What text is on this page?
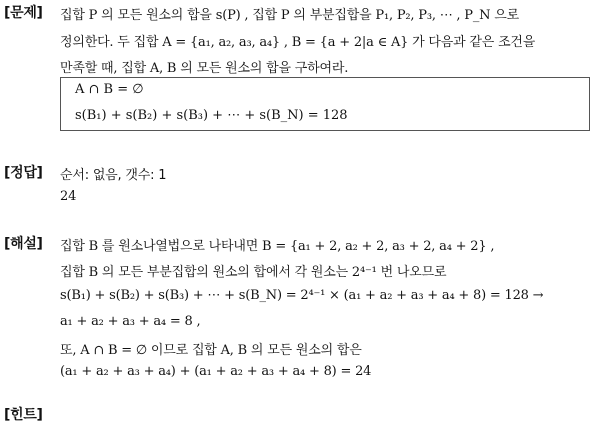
[문제] 집합 P 의 모든 원소의 합을 s(P) , 집합 P 의 부분집합을 P₁, P₂, P₃, ⋯ , P_N 으로
정의한다. 두 집합 A = {a₁, a₂, a₃, a₄} , B = {a + 2|a ∈ A} 가 다음과 같은 조건을
만족할 때, 집합 A, B 의 모든 원소의 합을 구하여라.
A ∩ B = ∅
s(B₁) + s(B₂) + s(B₃) + ⋯ + s(B_N) = 128
[정답] 순서: 없음, 갯수: 1
24
[해설] 집합 B 를 원소나열법으로 나타내면 B = {a₁ + 2, a₂ + 2, a₃ + 2, a₄ + 2} ,
집합 B 의 모든 부분집합의 원소의 합에서 각 원소는 2⁴⁻¹ 번 나오므로
s(B₁) + s(B₂) + s(B₃) + ⋯ + s(B_N) = 2⁴⁻¹ × (a₁ + a₂ + a₃ + a₄ + 8) = 128 →
a₁ + a₂ + a₃ + a₄ = 8 ,
또, A ∩ B = ∅ 이므로 집합 A, B 의 모든 원소의 합은
(a₁ + a₂ + a₃ + a₄) + (a₁ + a₂ + a₃ + a₄ + 8) = 24
[힌트]
